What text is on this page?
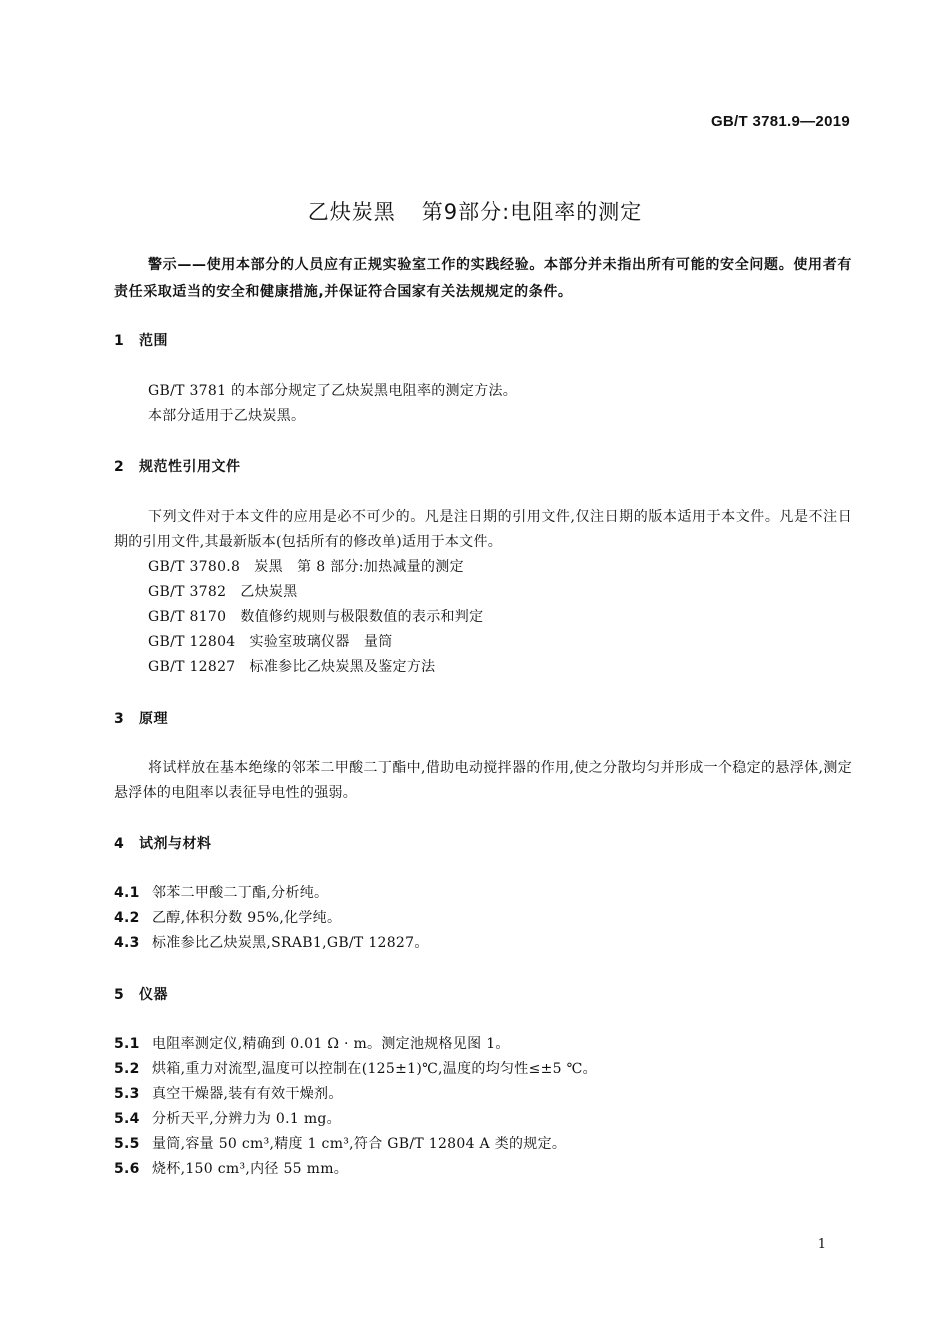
GB/T 3781.9—2019
乙炔炭黑 第9部分:电阻率的测定
警示——使用本部分的人员应有正规实验室工作的实践经验。本部分并未指出所有可能的安全问题。使用者有责任采取适当的安全和健康措施,并保证符合国家有关法规规定的条件。
1 范围
GB/T 3781 的本部分规定了乙炔炭黑电阻率的测定方法。
本部分适用于乙炔炭黑。
2 规范性引用文件
下列文件对于本文件的应用是必不可少的。凡是注日期的引用文件,仅注日期的版本适用于本文件。凡是不注日期的引用文件,其最新版本(包括所有的修改单)适用于本文件。
GB/T 3780.8 炭黑　第 8 部分:加热减量的测定
GB/T 3782 乙炔炭黑
GB/T 8170 数值修约规则与极限数值的表示和判定
GB/T 12804 实验室玻璃仪器　量筒
GB/T 12827 标准参比乙炔炭黑及鉴定方法
3 原理
将试样放在基本绝缘的邻苯二甲酸二丁酯中,借助电动搅拌器的作用,使之分散均匀并形成一个稳定的悬浮体,测定悬浮体的电阻率以表征导电性的强弱。
4 试剂与材料
4.1 邻苯二甲酸二丁酯,分析纯。
4.2 乙醇,体积分数 95%,化学纯。
4.3 标准参比乙炔炭黑,SRAB1,GB/T 12827。
5 仪器
5.1 电阻率测定仪,精确到 0.01 Ω · m。测定池规格见图 1。
5.2 烘箱,重力对流型,温度可以控制在(125±1)℃,温度的均匀性≤±5 ℃。
5.3 真空干燥器,装有有效干燥剂。
5.4 分析天平,分辨力为 0.1 mg。
5.5 量筒,容量 50 cm³,精度 1 cm³,符合 GB/T 12804 A 类的规定。
5.6 烧杯,150 cm³,内径 55 mm。
1
